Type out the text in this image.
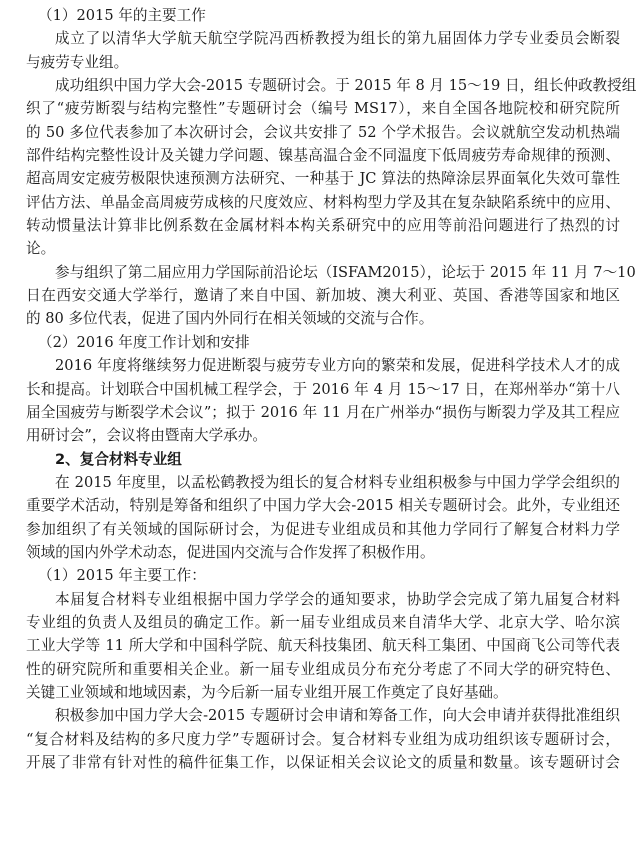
（1）2015 年的主要工作

成立了以清华大学航天航空学院冯西桥教授为组长的第九届固体力学专业委员会断裂

与疲劳专业组。

成功组织中国力学大会-2015 专题研讨会。于 2015 年 8 月 15～19 日，组长仲政教授组

织了“疲劳断裂与结构完整性”专题研讨会（编号 MS17），来自全国各地院校和研究院所

的 50 多位代表参加了本次研讨会，会议共安排了 52 个学术报告。会议就航空发动机热端

部件结构完整性设计及关键力学问题、镍基高温合金不同温度下低周疲劳寿命规律的预测、

超高周安定疲劳极限快速预测方法研究、一种基于 JC 算法的热障涂层界面氧化失效可靠性

评估方法、单晶金高周疲劳成核的尺度效应、材料构型力学及其在复杂缺陷系统中的应用、

转动惯量法计算非比例系数在金属材料本构关系研究中的应用等前沿问题进行了热烈的讨

论。

参与组织了第二届应用力学国际前沿论坛（ISFAM2015），论坛于 2015 年 11 月 7～10

日在西安交通大学举行，邀请了来自中国、新加坡、澳大利亚、英国、香港等国家和地区

的 80 多位代表，促进了国内外同行在相关领域的交流与合作。

（2）2016 年度工作计划和安排

2016 年度将继续努力促进断裂与疲劳专业方向的繁荣和发展，促进科学技术人才的成

长和提高。计划联合中国机械工程学会，于 2016 年 4 月 15～17 日，在郑州举办“第十八

届全国疲劳与断裂学术会议”；拟于 2016 年 11 月在广州举办“损伤与断裂力学及其工程应

用研讨会”，会议将由暨南大学承办。

2、复合材料专业组

在 2015 年度里，以孟松鹤教授为组长的复合材料专业组积极参与中国力学学会组织的

重要学术活动，特别是筹备和组织了中国力学大会-2015 相关专题研讨会。此外，专业组还

参加组织了有关领域的国际研讨会，为促进专业组成员和其他力学同行了解复合材料力学

领域的国内外学术动态，促进国内交流与合作发挥了积极作用。

（1）2015 年主要工作：

本届复合材料专业组根据中国力学学会的通知要求，协助学会完成了第九届复合材料

专业组的负责人及组员的确定工作。新一届专业组成员来自清华大学、北京大学、哈尔滨

工业大学等 11 所大学和中国科学院、航天科技集团、航天科工集团、中国商飞公司等代表

性的研究院所和重要相关企业。新一届专业组成员分布充分考虑了不同大学的研究特色、

关键工业领域和地域因素，为今后新一届专业组开展工作奠定了良好基础。

积极参加中国力学大会-2015 专题研讨会申请和筹备工作，向大会申请并获得批准组织

“复合材料及结构的多尺度力学”专题研讨会。复合材料专业组为成功组织该专题研讨会，

开展了非常有针对性的稿件征集工作，以保证相关会议论文的质量和数量。该专题研讨会
